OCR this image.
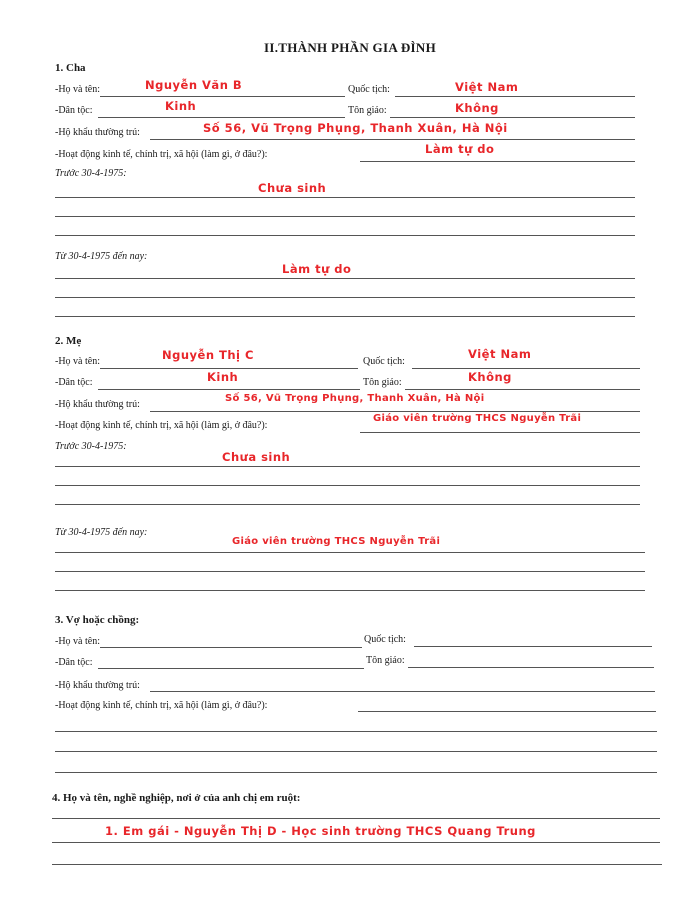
II.THÀNH PHẦN GIA ĐÌNH
1. Cha
-Họ và tên:	Nguyễn Văn B	Quốc tịch:	Việt Nam
-Dân tộc:	Kinh	Tôn giáo:	Không
-Hộ khẩu thường trú:	Số 56, Vũ Trọng Phụng, Thanh Xuân, Hà Nội
-Hoạt động kinh tế, chính trị, xã hội (làm gì, ở đâu?):	Làm tự do
Trước 30-4-1975:
Chưa sinh
Từ 30-4-1975 đến nay:
Làm tự do
2. Mẹ
-Họ và tên:	Nguyễn Thị C	Quốc tịch:
Việt Nam
-Dân tộc:	Kinh	Tôn giáo:	Không
-Hộ khẩu thường trú:
Số 56, Vũ Trọng Phụng, Thanh Xuân, Hà Nội
-Hoạt động kinh tế, chính trị, xã hội (làm gì, ở đâu?):
Giáo viên trường THCS Nguyễn Trãi
Trước 30-4-1975:
Chưa sinh
Từ 30-4-1975 đến nay:
Giáo viên trường THCS Nguyễn Trãi
3. Vợ hoặc chồng:
-Họ và tên:	Quốc tịch:
-Dân tộc:	Tôn giáo:
-Hộ khẩu thường trú:
-Hoạt động kinh tế, chính trị, xã hội (làm gì, ở đâu?):
4. Họ và tên, nghề nghiệp, nơi ở của anh chị em ruột:
1. Em gái - Nguyễn Thị D - Học sinh trường THCS Quang Trung
